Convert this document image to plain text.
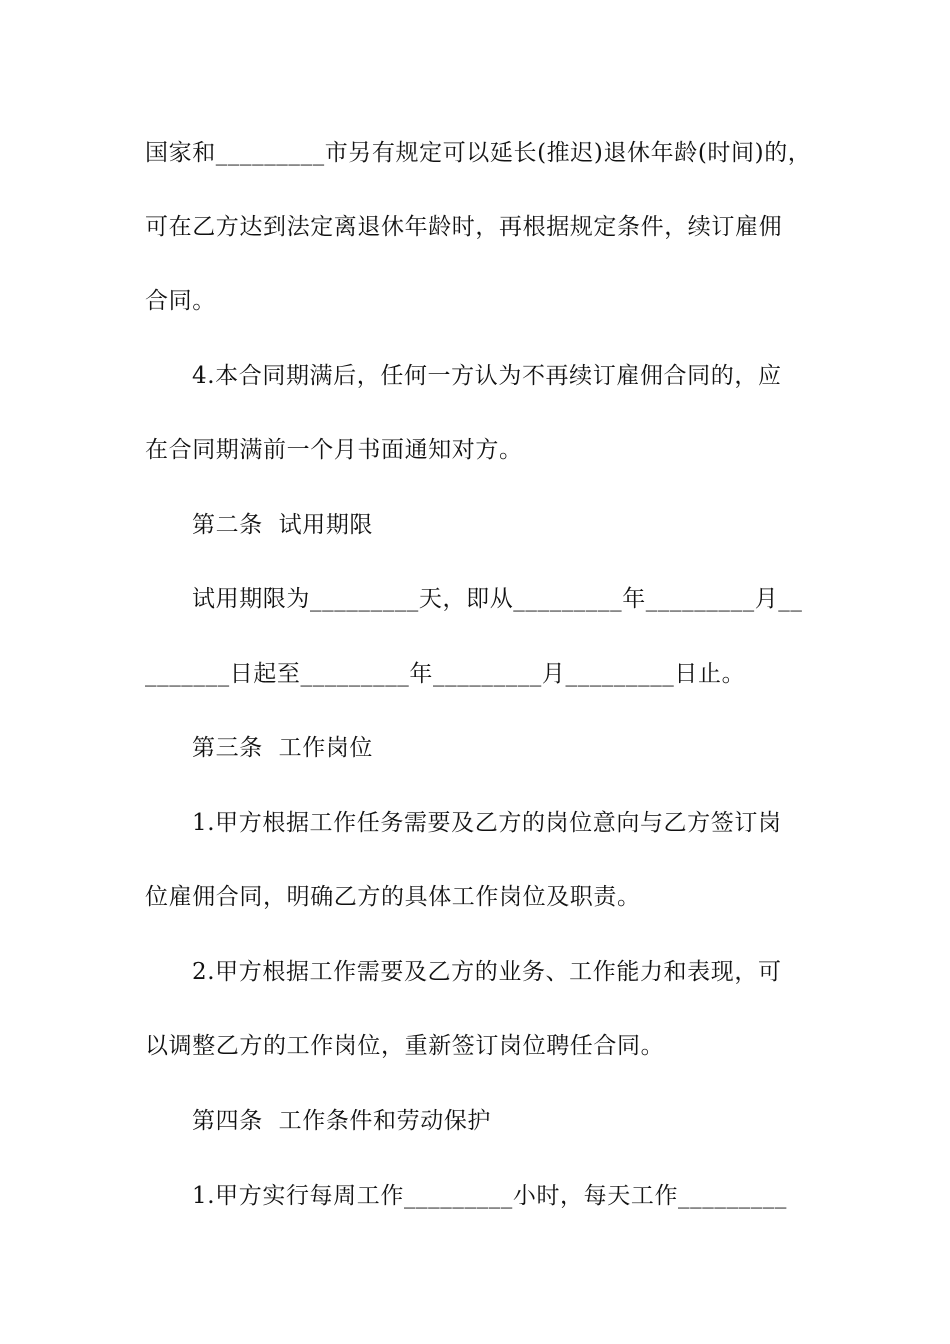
国家和_________市另有规定可以延长(推迟)退休年龄(时间)的，
可在乙方达到法定离退休年龄时，再根据规定条件，续订雇佣
合同。
4.本合同期满后，任何一方认为不再续订雇佣合同的，应
在合同期满前一个月书面通知对方。
第二条  试用期限
试用期限为_________天，即从_________年_________月__
_______日起至_________年_________月_________日止。
第三条  工作岗位
1.甲方根据工作任务需要及乙方的岗位意向与乙方签订岗
位雇佣合同，明确乙方的具体工作岗位及职责。
2.甲方根据工作需要及乙方的业务、工作能力和表现，可
以调整乙方的工作岗位，重新签订岗位聘任合同。
第四条  工作条件和劳动保护
1.甲方实行每周工作_________小时，每天工作_________
